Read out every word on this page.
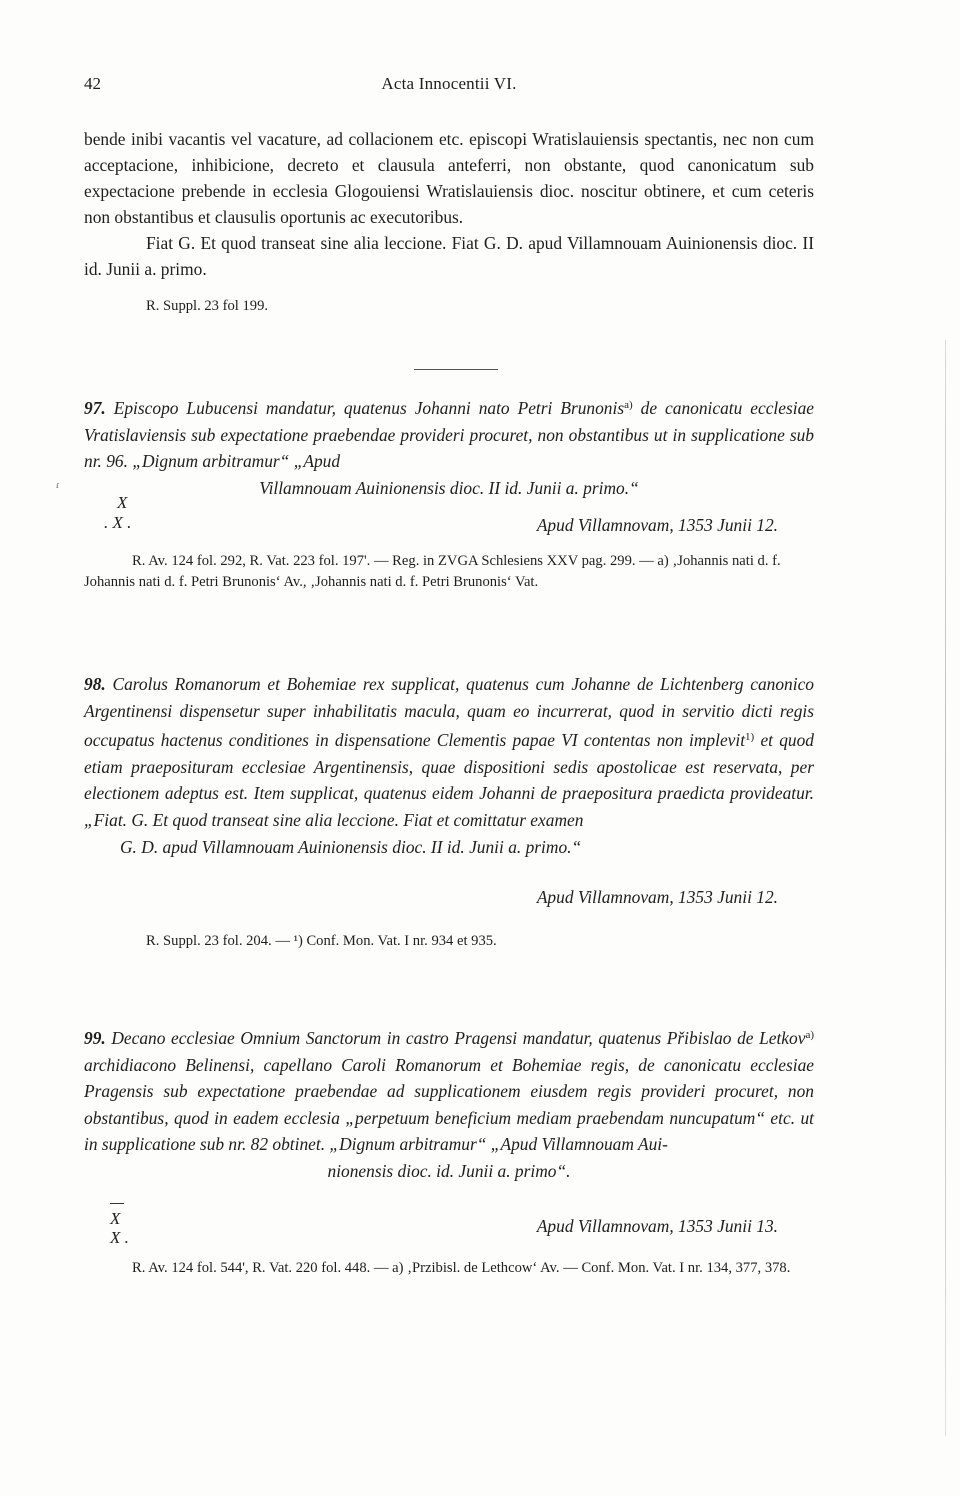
ɾ
42	Acta Innocentii VI.

bende inibi vacantis vel vacature, ad collacionem etc. episcopi Wratislauiensis spectantis, nec non cum acceptacione, inhibicione, decreto et clausula anteferri, non obstante, quod canonicatum sub expectacione prebende in ecclesia Glogouiensi Wratislauiensis dioc. noscitur obtinere, et cum ceteris non obstantibus et clausulis oportunis ac executoribus.

Fiat G. Et quod transeat sine alia leccione. Fiat G. D. apud Villamnouam Auinionensis dioc. II id. Junii a. primo.

R. Suppl. 23 fol 199.

97. Episcopo Lubucensi mandatur, quatenus Johanni nato Petri Brunonis$^{a)}$ de canonicatu ecclesiae Vratislaviensis sub expectatione praebendae provideri procuret, non obstantibus ut in supplicatione sub nr. 96. „Dignum arbitramur“ „Apud

Villamnouam Auinionensis dioc. II id. Junii a. primo.“

X
. X .	Apud Villamnovam, 1353 Junii 12.

R. Av. 124 fol. 292, R. Vat. 223 fol. 197'. — Reg. in ZVGA Schlesiens XXV pag. 299. — a) ‚Johannis nati d. f. Johannis nati d. f. Petri Brunonis‘ Av., ‚Johannis nati d. f. Petri Brunonis‘ Vat.

98. Carolus Romanorum et Bohemiae rex supplicat, quatenus cum Johanne de Lichtenberg canonico Argentinensi dispensetur super inhabilitatis macula, quam eo incurrerat, quod in servitio dicti regis occupatus hactenus conditiones in dispensatione Clementis papae VI contentas non implevit$^{1)}$ et quod etiam praeposituram ecclesiae Argentinensis, quae dispositioni sedis apostolicae est reservata, per electionem adeptus est. Item supplicat, quatenus eidem Johanni de praepositura praedicta provideatur. „Fiat. G. Et quod transeat sine alia leccione. Fiat et comittatur examen

G. D. apud Villamnouam Auinionensis dioc. II id. Junii a. primo.“

Apud Villamnovam, 1353 Junii 12.

R. Suppl. 23 fol. 204. — ¹) Conf. Mon. Vat. I nr. 934 et 935.

99. Decano ecclesiae Omnium Sanctorum in castro Pragensi mandatur, quatenus Přibislao de Letkov$^{a)}$ archidiacono Belinensi, capellano Caroli Romanorum et Bohemiae regis, de canonicatu ecclesiae Pragensis sub expectatione praebendae ad supplicationem eiusdem regis provideri procuret, non obstantibus, quod in eadem ecclesia „perpetuum beneficium mediam praebendam nuncupatum“ etc. ut in supplicatione sub nr. 82 obtinet. „Dignum arbitramur“ „Apud Villamnouam Aui-

nionensis dioc. id. Junii a. primo“.

X
X .
Apud Villamnovam, 1353 Junii 13.

R. Av. 124 fol. 544', R. Vat. 220 fol. 448. — a) ‚Przibisl. de Lethcow‘ Av. — Conf. Mon. Vat. I nr. 134, 377, 378.
